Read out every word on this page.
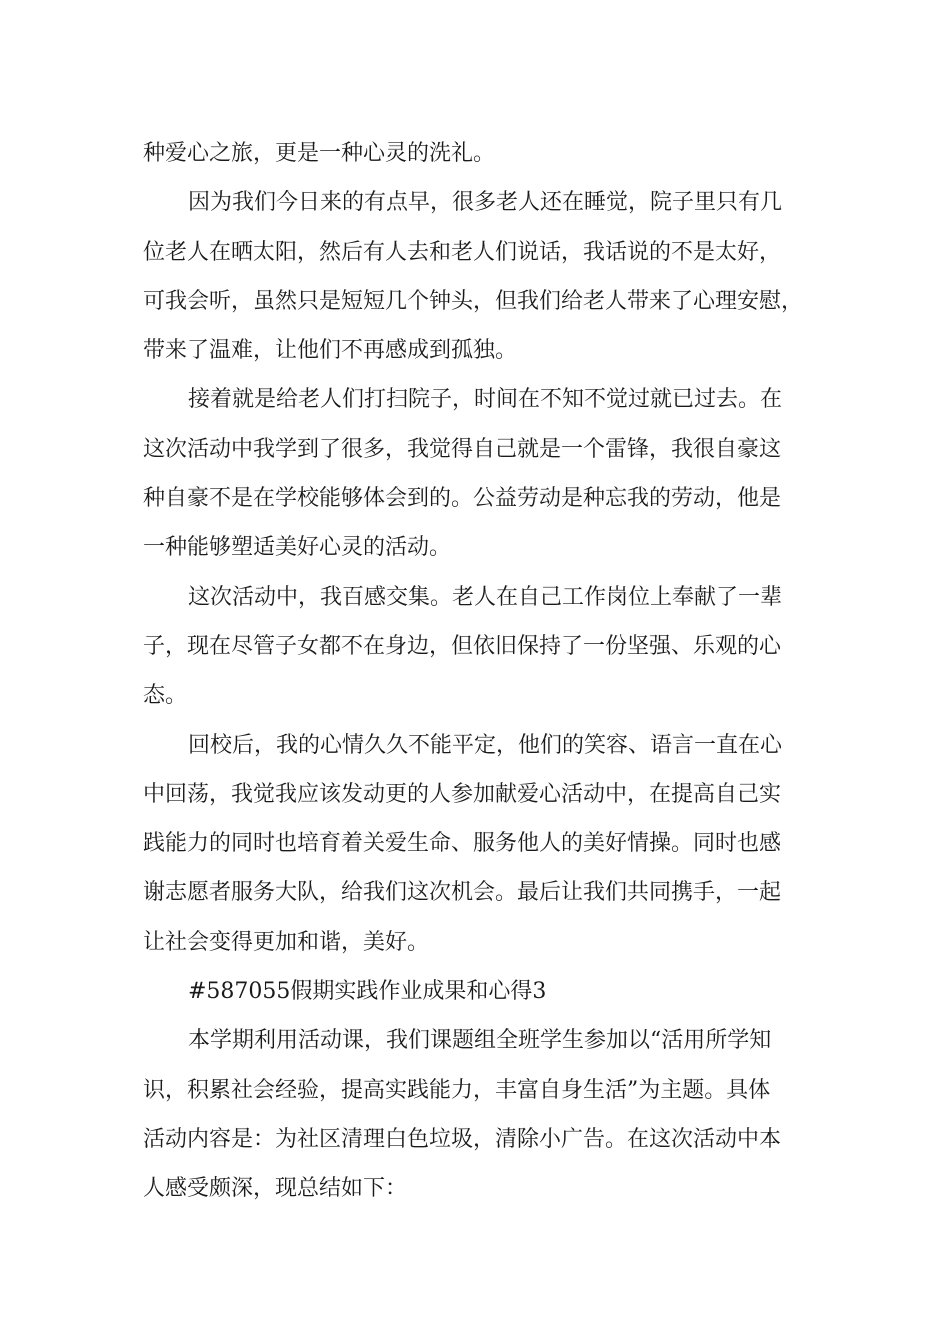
种爱心之旅，更是一种心灵的洗礼。

因为我们今日来的有点早，很多老人还在睡觉，院子里只有几
位老人在晒太阳，然后有人去和老人们说话，我话说的不是太好，
可我会听，虽然只是短短几个钟头，但我们给老人带来了心理安慰，
带来了温难，让他们不再感成到孤独。

接着就是给老人们打扫院子，时间在不知不觉过就已过去。在
这次活动中我学到了很多，我觉得自己就是一个雷锋，我很自豪这
种自豪不是在学校能够体会到的。公益劳动是种忘我的劳动，他是
一种能够塑适美好心灵的活动。

这次活动中，我百感交集。老人在自己工作岗位上奉献了一辈
子，现在尽管子女都不在身边，但依旧保持了一份坚强、乐观的心
态。

回校后，我的心情久久不能平定，他们的笑容、语言一直在心
中回荡，我觉我应该发动更的人参加献爱心活动中，在提高自己实
践能力的同时也培育着关爱生命、服务他人的美好情操。同时也感
谢志愿者服务大队，给我们这次机会。最后让我们共同携手，一起
让社会变得更加和谐，美好。

#587055假期实践作业成果和心得3

本学期利用活动课，我们课题组全班学生参加以“活用所学知
识，积累社会经验，提高实践能力，丰富自身生活”为主题。具体
活动内容是：为社区清理白色垃圾，清除小广告。在这次活动中本
人感受颇深，现总结如下：
